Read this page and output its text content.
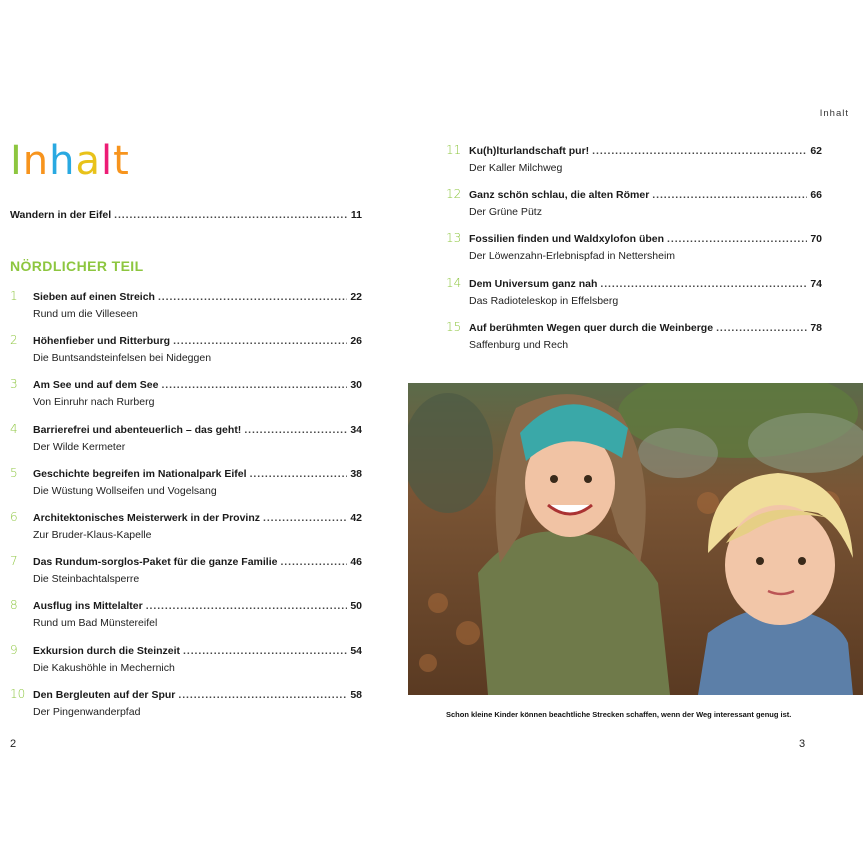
Inhalt
Inhalt
Wandern in der Eifel . . .	11
NÖRDLICHER TEIL
1 Sieben auf einen Streich . . .	22
Rund um die Villeseen
2 Höhenfieber und Ritterburg . . .	26
Die Buntsandsteinfelsen bei Nideggen
3 Am See und auf dem See . . .	30
Von Einruhr nach Rurberg
4 Barrierefrei und abenteuerlich – das geht! . . .	34
Der Wilde Kermeter
5 Geschichte begreifen im Nationalpark Eifel . . .	38
Die Wüstung Wollseifen und Vogelsang
6 Architektonisches Meisterwerk in der Provinz . . .	42
Zur Bruder-Klaus-Kapelle
7 Das Rundum-sorglos-Paket für die ganze Familie . . .	46
Die Steinbachtalsperre
8 Ausflug ins Mittelalter . . .	50
Rund um Bad Münstereifel
9 Exkursion durch die Steinzeit . . .	54
Die Kakushöhle in Mechernich
10 Den Bergleuten auf der Spur . . .	58
Der Pingenwanderpfad
11 Ku(h)lturlandschaft pur! . . .	62
Der Kaller Milchweg
12 Ganz schön schlau, die alten Römer . . .	66
Der Grüne Pütz
13 Fossilien finden und Waldxylofon üben . . .	70
Der Löwenzahn-Erlebnispfad in Nettersheim
14 Dem Universum ganz nah . . .	74
Das Radioteleskop in Effelsberg
15 Auf berühmten Wegen quer durch die Weinberge . . .	78
Saffenburg und Rech
Schon kleine Kinder können beachtliche Strecken schaffen, wenn der Weg interessant genug ist.
2	3
